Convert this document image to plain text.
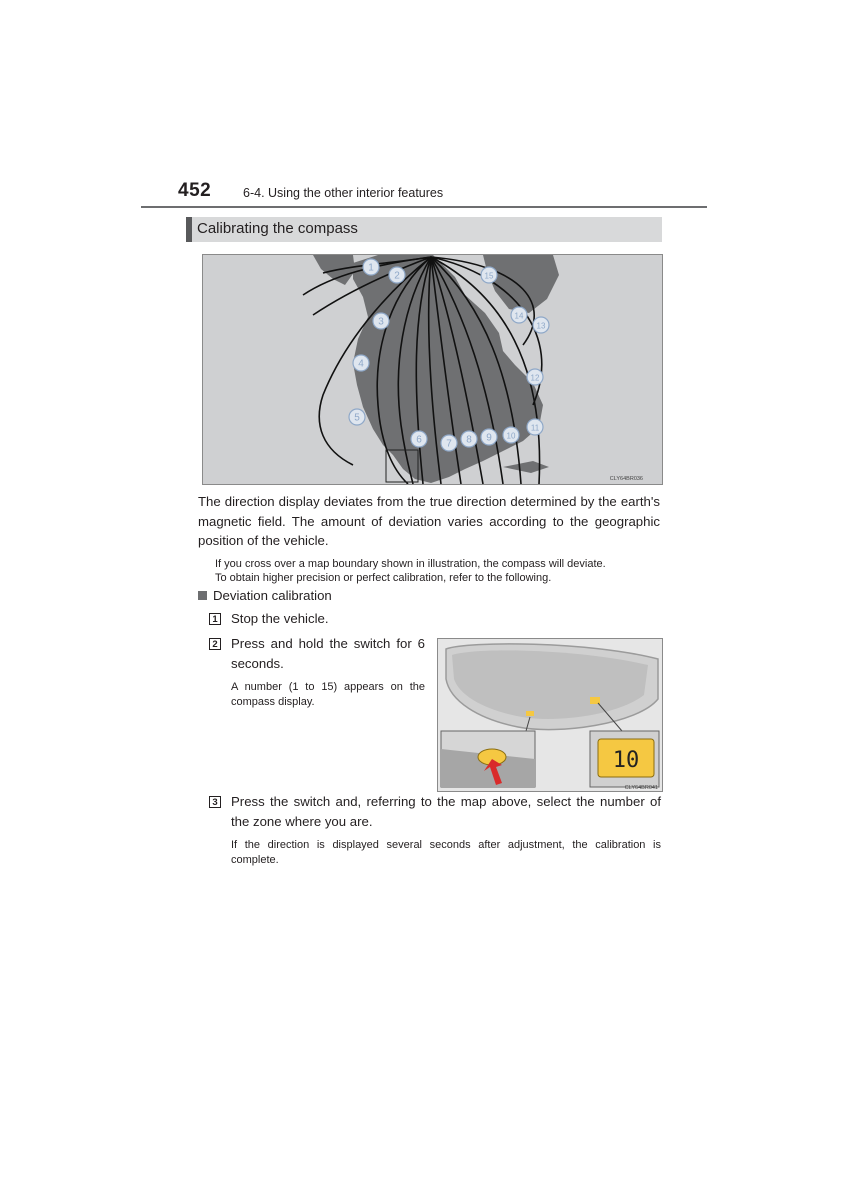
452	6-4. Using the other interior features
Calibrating the compass
1
2
3
4
5
6 7 8 9 10
11
12
13
14
15
CLY64BR036
The direction display deviates from the true direction determined by the earth's magnetic field. The amount of deviation varies according to the geographic position of the vehicle.
If you cross over a map boundary shown in illustration, the compass will deviate.
To obtain higher precision or perfect calibration, refer to the following.
Deviation calibration
1 Stop the vehicle.
2 Press and hold the switch for 6 seconds.
A number (1 to 15) appears on the compass display.
10
CLY64BR041
3 Press the switch and, referring to the map above, select the number of the zone where you are.
If the direction is displayed several seconds after adjustment, the calibration is complete.
